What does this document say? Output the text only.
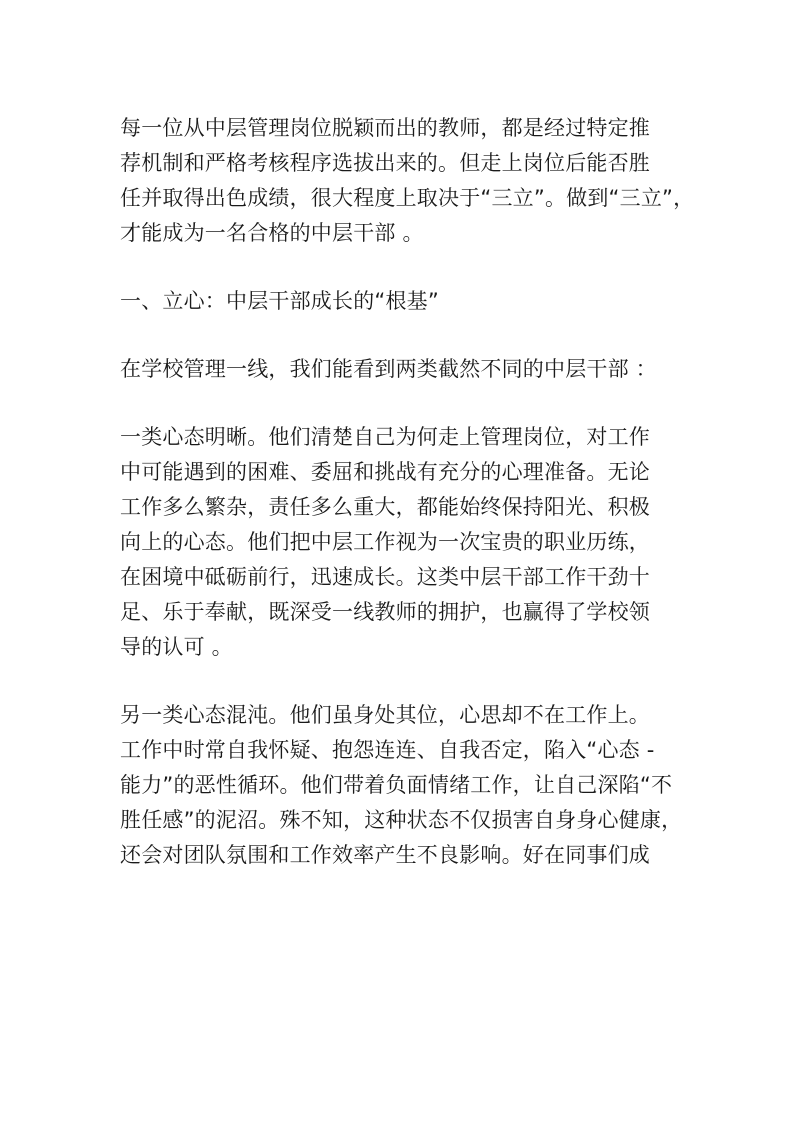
每一位从中层管理岗位脱颖而出的教师，都是经过特定推
荐机制和严格考核程序选拔出来的。但走上岗位后能否胜
任并取得出色成绩，很大程度上取决于“三立”。做到“三立”，
才能成为一名合格的中层干部 。
一、立心：中层干部成长的“根基”
在学校管理一线，我们能看到两类截然不同的中层干部 ：
一类心态明晰。他们清楚自己为何走上管理岗位，对工作
中可能遇到的困难、委屈和挑战有充分的心理准备。无论
工作多么繁杂，责任多么重大，都能始终保持阳光、积极
向上的心态。他们把中层工作视为一次宝贵的职业历练，
在困境中砥砺前行，迅速成长。这类中层干部工作干劲十
足、乐于奉献，既深受一线教师的拥护，也赢得了学校领
导的认可 。
另一类心态混沌。他们虽身处其位，心思却不在工作上。
工作中时常自我怀疑、抱怨连连、自我否定，陷入“心态 -
能力”的恶性循环。他们带着负面情绪工作，让自己深陷“不
胜任感”的泥沼。殊不知，这种状态不仅损害自身身心健康，
还会对团队氛围和工作效率产生不良影响。好在同事们成
